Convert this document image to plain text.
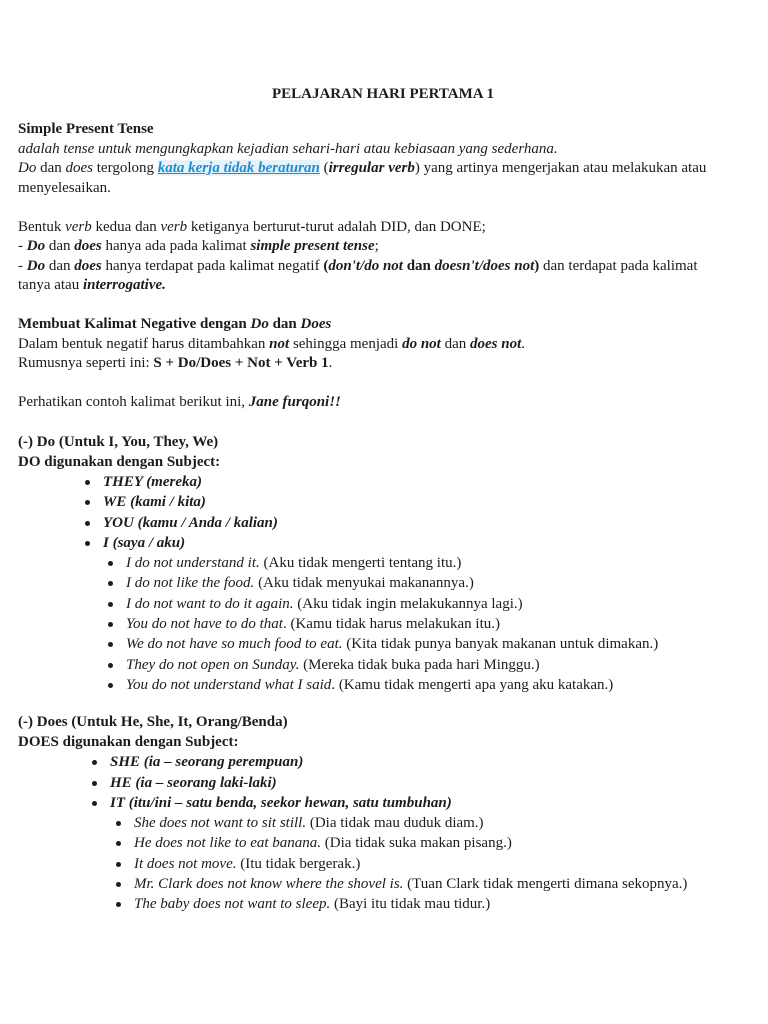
PELAJARAN HARI PERTAMA 1
Simple Present Tense
adalah tense untuk mengungkapkan kejadian sehari-hari atau kebiasaan yang sederhana.
Do dan does tergolong kata kerja tidak beraturan (irregular verb) yang artinya mengerjakan atau melakukan atau
menyelesaikan.
Bentuk verb kedua dan verb ketiganya berturut-turut adalah DID, dan DONE;
- Do dan does hanya ada pada kalimat simple present tense;
- Do dan does hanya terdapat pada kalimat negatif (don't/do not dan doesn't/does not) dan terdapat pada kalimat
tanya atau interrogative.
Membuat Kalimat Negative dengan Do dan Does
Dalam bentuk negatif harus ditambahkan not sehingga menjadi do not dan does not.
Rumusnya seperti ini: S + Do/Does + Not + Verb 1.
Perhatikan contoh kalimat berikut ini, Jane furqoni!!
(-) Do (Untuk I, You, They, We)
DO digunakan dengan Subject:
THEY (mereka)
WE (kami / kita)
YOU (kamu / Anda / kalian)
I (saya / aku)
I do not understand it. (Aku tidak mengerti tentang itu.)
I do not like the food. (Aku tidak menyukai makanannya.)
I do not want to do it again. (Aku tidak ingin melakukannya lagi.)
You do not have to do that. (Kamu tidak harus melakukan itu.)
We do not have so much food to eat. (Kita tidak punya banyak makanan untuk dimakan.)
They do not open on Sunday. (Mereka tidak buka pada hari Minggu.)
You do not understand what I said. (Kamu tidak mengerti apa yang aku katakan.)
(-) Does (Untuk He, She, It, Orang/Benda)
DOES digunakan dengan Subject:
SHE (ia – seorang perempuan)
HE (ia – seorang laki-laki)
IT (itu/ini – satu benda, seekor hewan, satu tumbuhan)
She does not want to sit still. (Dia tidak mau duduk diam.)
He does not like to eat banana. (Dia tidak suka makan pisang.)
It does not move. (Itu tidak bergerak.)
Mr. Clark does not know where the shovel is. (Tuan Clark tidak mengerti dimana sekopnya.)
The baby does not want to sleep. (Bayi itu tidak mau tidur.)
